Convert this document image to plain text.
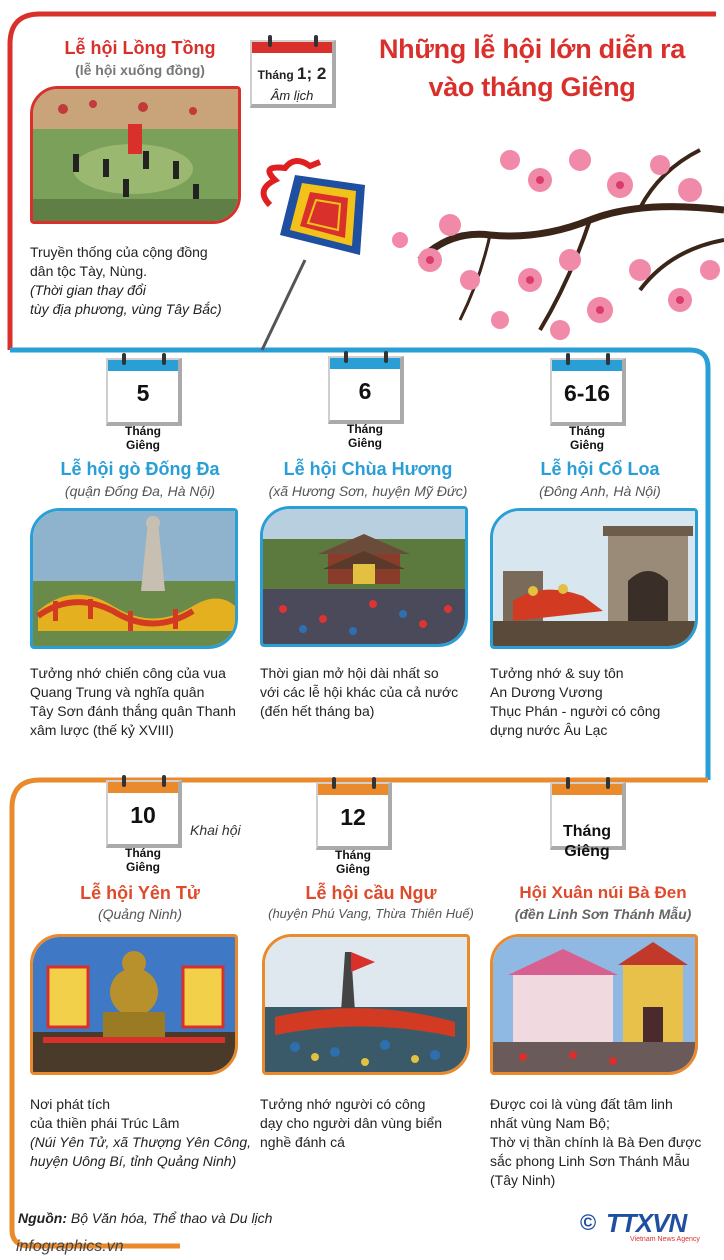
Những lễ hội lớn diễn ra
vào tháng Giêng
Tháng 1; 2
Âm lịch
Lễ hội Lồng Tồng
(lễ hội xuống đồng)
Truyền thống của cộng đồng
dân tộc Tày, Nùng.
(Thời gian thay đổi
tùy địa phương, vùng Tây Bắc)
5
Tháng Giêng
6
Tháng Giêng
6-16
Tháng Giêng
Lễ hội gò Đống Đa
(quận Đống Đa, Hà Nội)
Lễ hội Chùa Hương
(xã Hương Sơn, huyện Mỹ Đức)
Lễ hội Cổ Loa
(Đông Anh, Hà Nội)
Tưởng nhớ chiến công của vua
Quang Trung và nghĩa quân
Tây Sơn đánh thắng quân Thanh
xâm lược (thế kỷ XVIII)
Thời gian mở hội dài nhất so
với các lễ hội khác của cả nước
(đến hết tháng ba)
Tưởng nhớ & suy tôn
An Dương Vương
Thục Phán - người có công
dựng nước Âu Lạc
10
Tháng Giêng
Khai hội	12
Tháng Giêng
Tháng
Giêng
Lễ hội Yên Tử
(Quảng Ninh)
Lễ hội cầu Ngư
(huyện Phú Vang, Thừa Thiên Huế)
Hội Xuân núi Bà Đen
(đền Linh Sơn Thánh Mẫu)
Nơi phát tích
của thiền phái Trúc Lâm
(Núi Yên Tử, xã Thượng Yên Công,
huyện Uông Bí, tỉnh Quảng Ninh)
Tưởng nhớ người có công
dạy cho người dân vùng biển
nghề đánh cá
Được coi là vùng đất tâm linh
nhất vùng Nam Bộ;
Thờ vị thần chính là Bà Đen được
sắc phong Linh Sơn Thánh Mẫu
(Tây Ninh)
Nguồn: Bộ Văn hóa, Thể thao và Du lịch
infographics.vn
© TTXVN
Vietnam News Agency
